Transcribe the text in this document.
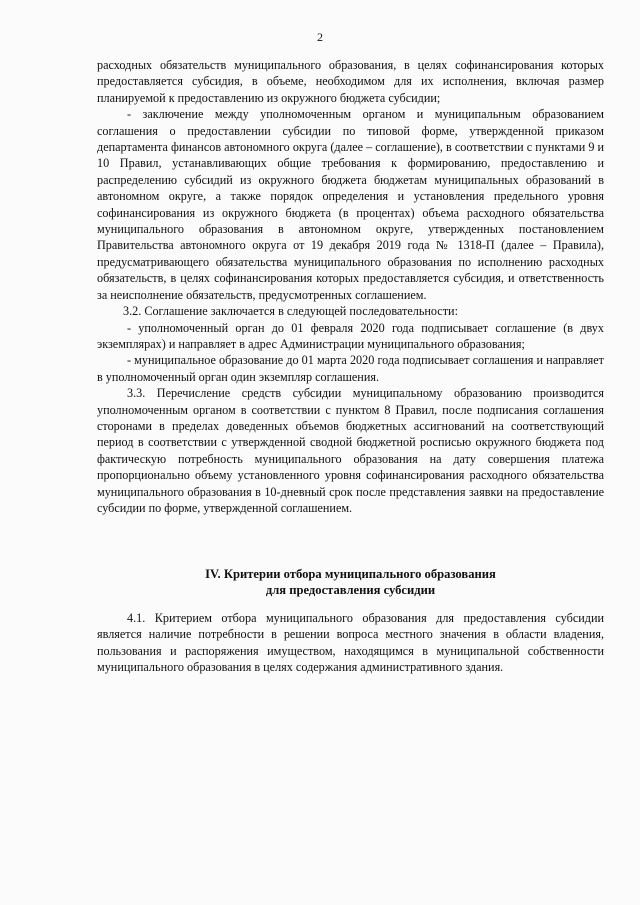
2

расходных обязательств муниципального образования, в целях софинансирования которых предоставляется субсидия, в объеме, необходимом для их исполнения, включая размер планируемой к предоставлению из окружного бюджета субсидии;

- заключение между уполномоченным органом и муниципальным образованием соглашения о предоставлении субсидии по типовой форме, утвержденной приказом департамента финансов автономного округа (далее – соглашение), в соответствии с пунктами 9 и 10 Правил, устанавливающих общие требования к формированию, предоставлению и распределению субсидий из окружного бюджета бюджетам муниципальных образований в автономном округе, а также порядок определения и установления предельного уровня софинансирования из окружного бюджета (в процентах) объема расходного обязательства муниципального образования в автономном округе, утвержденных постановлением Правительства автономного округа от 19 декабря 2019 года № 1318-П (далее – Правила), предусматривающего обязательства муниципального образования по исполнению расходных обязательств, в целях софинансирования которых предоставляется субсидия, и ответственность за неисполнение обязательств, предусмотренных соглашением.

3.2. Соглашение заключается в следующей последовательности:

- уполномоченный орган до 01 февраля 2020 года подписывает соглашение (в двух экземплярах) и направляет в адрес Администрации муниципального образования;

- муниципальное образование до 01 марта 2020 года подписывает соглашения и направляет в уполномоченный орган один экземпляр соглашения.

3.3. Перечисление средств субсидии муниципальному образованию производится уполномоченным органом в соответствии с пунктом 8 Правил, после подписания соглашения сторонами в пределах доведенных объемов бюджетных ассигнований на соответствующий период в соответствии с утвержденной сводной бюджетной росписью окружного бюджета под фактическую потребность муниципального образования на дату совершения платежа пропорционально объему установленного уровня софинансирования расходного обязательства муниципального образования в 10-дневный срок после представления заявки на предоставление субсидии по форме, утвержденной соглашением.

IV. Критерии отбора муниципального образования
для предоставления субсидии

4.1. Критерием отбора муниципального образования для предоставления субсидии является наличие потребности в решении вопроса местного значения в области владения, пользования и распоряжения имуществом, находящимся в муниципальной собственности муниципального образования в целях содержания административного здания.
